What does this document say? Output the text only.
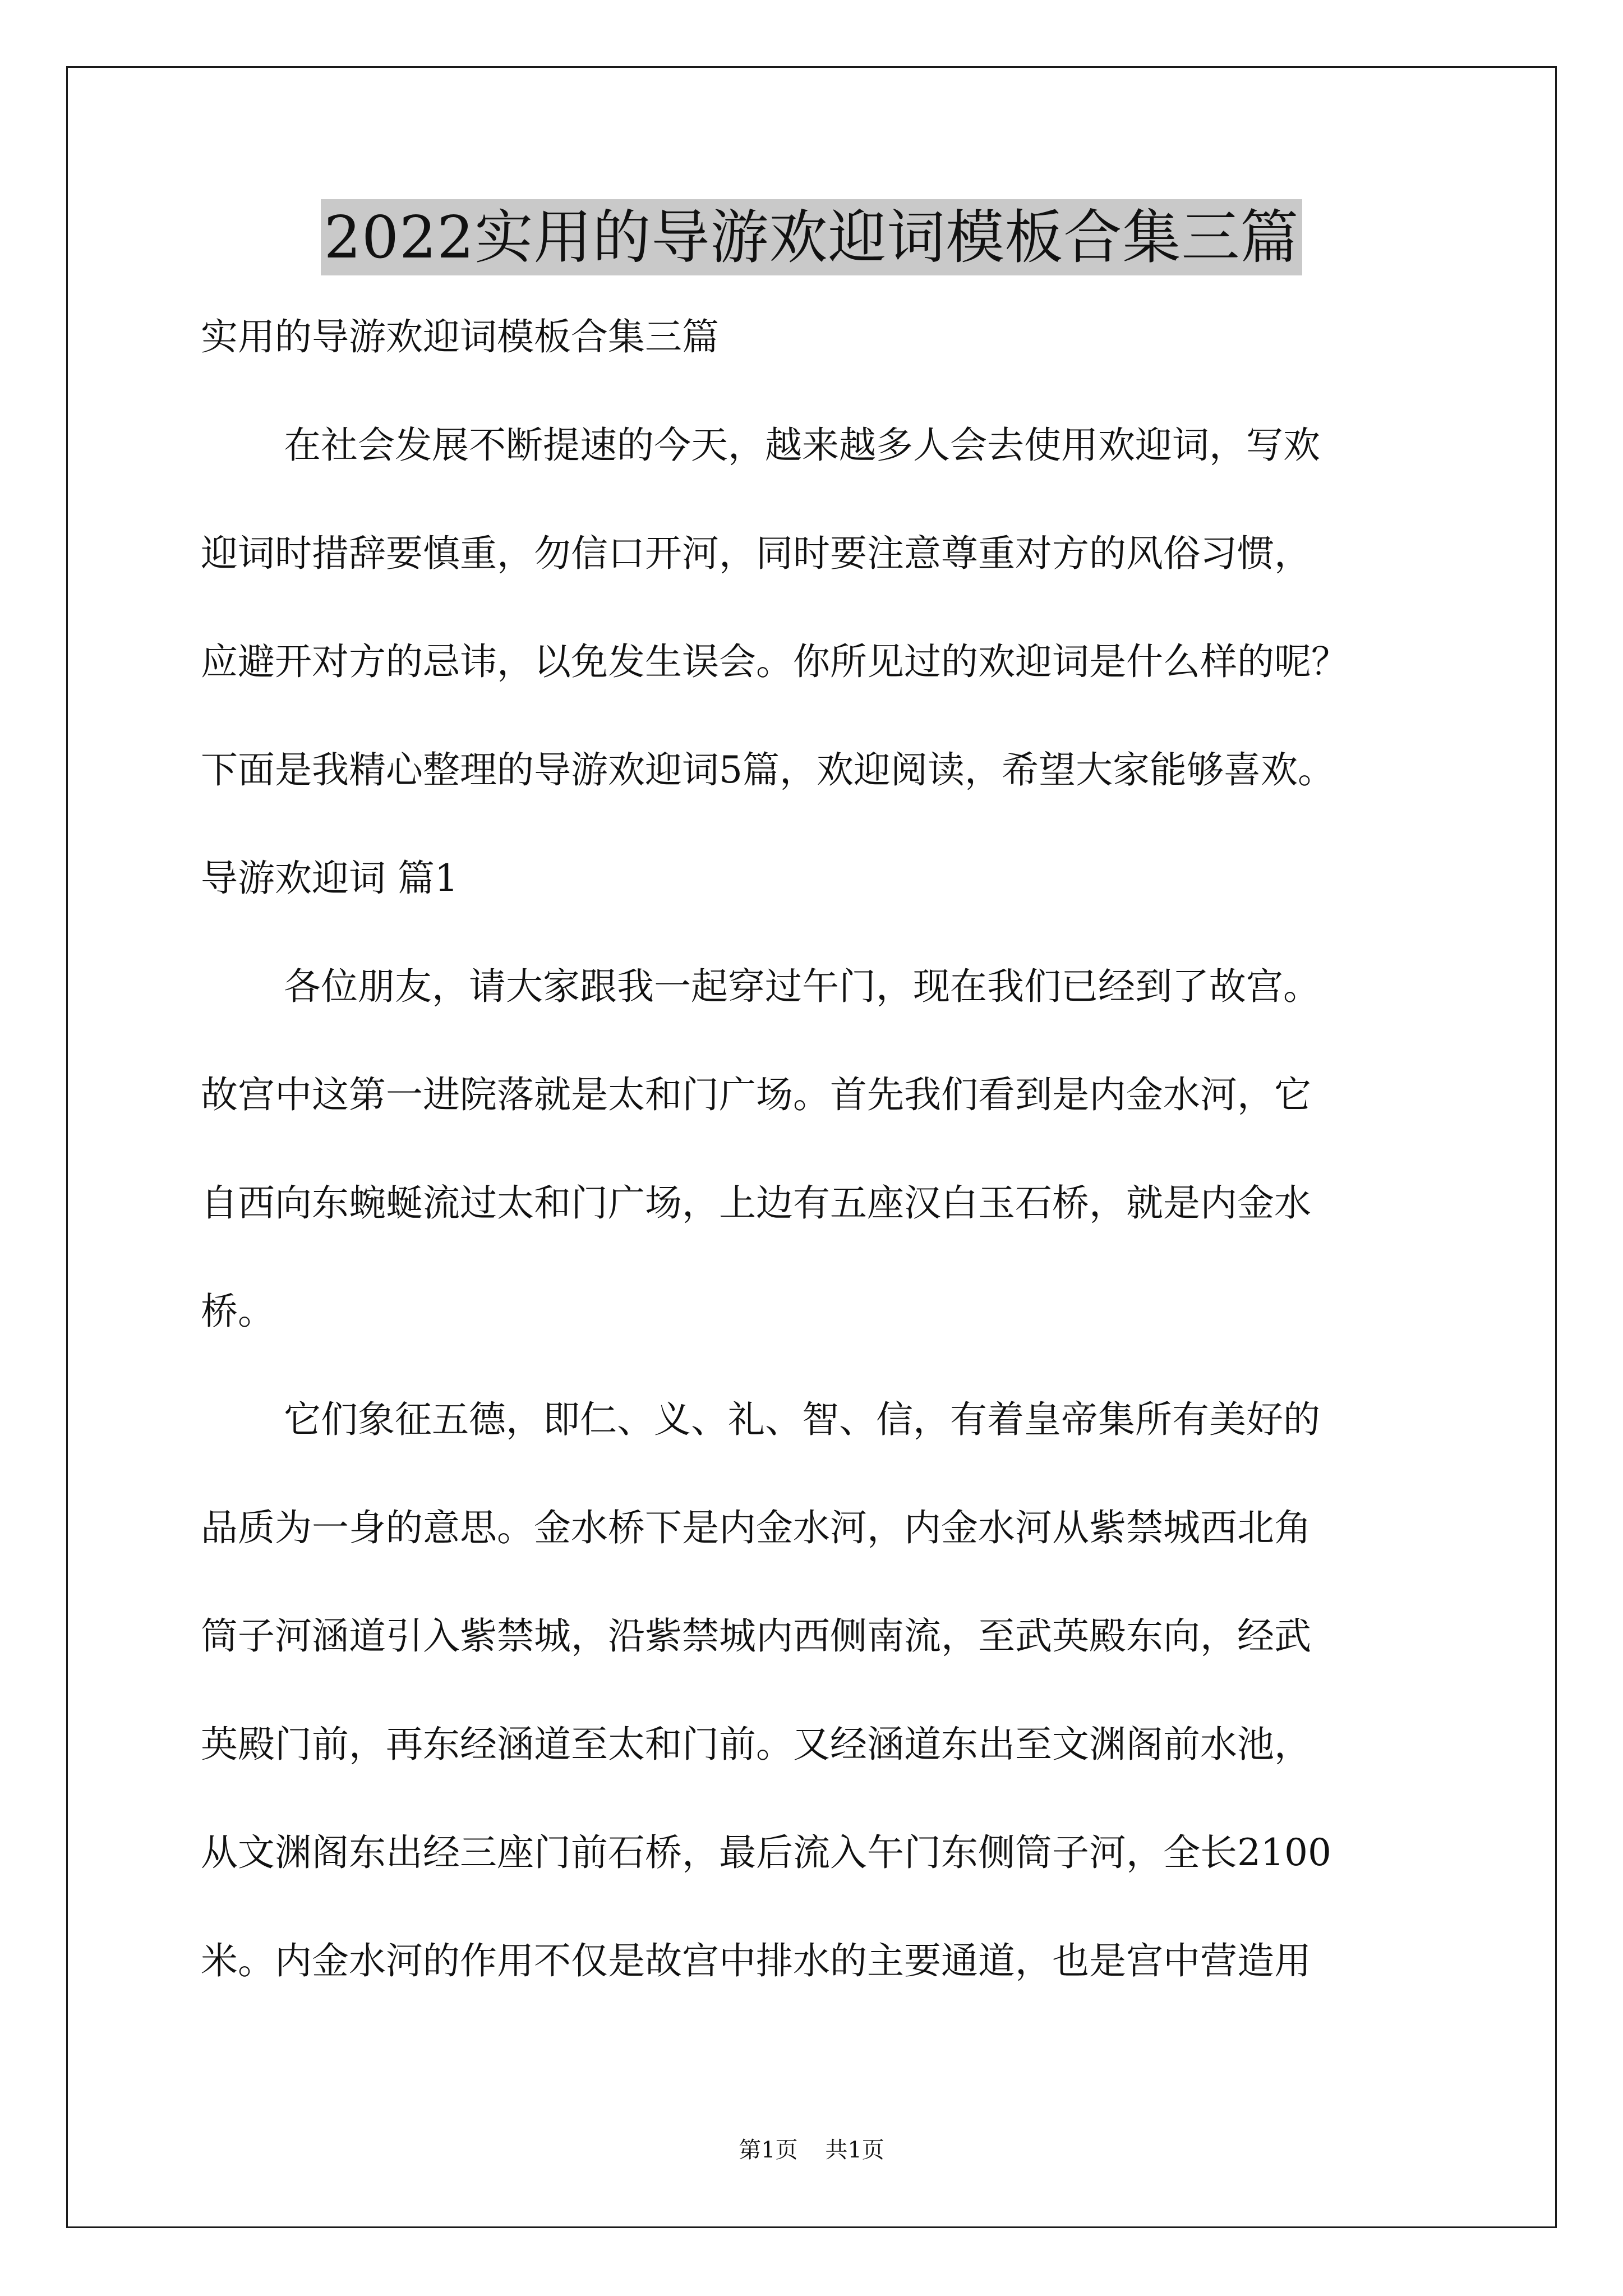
2022实用的导游欢迎词模板合集三篇
实用的导游欢迎词模板合集三篇
在社会发展不断提速的今天，越来越多人会去使用欢迎词，写欢
迎词时措辞要慎重，勿信口开河，同时要注意尊重对方的风俗习惯，
应避开对方的忌讳，以免发生误会。你所见过的欢迎词是什么样的呢？
下面是我精心整理的导游欢迎词5篇，欢迎阅读，希望大家能够喜欢。
导游欢迎词 篇1
各位朋友，请大家跟我一起穿过午门，现在我们已经到了故宫。
故宫中这第一进院落就是太和门广场。首先我们看到是内金水河，它
自西向东蜿蜒流过太和门广场，上边有五座汉白玉石桥，就是内金水
桥。
它们象征五德，即仁、义、礼、智、信，有着皇帝集所有美好的
品质为一身的意思。金水桥下是内金水河，内金水河从紫禁城西北角
筒子河涵道引入紫禁城，沿紫禁城内西侧南流，至武英殿东向，经武
英殿门前，再东经涵道至太和门前。又经涵道东出至文渊阁前水池，
从文渊阁东出经三座门前石桥，最后流入午门东侧筒子河，全长2100
米。内金水河的作用不仅是故宫中排水的主要通道，也是宫中营造用
第1页 共1页
